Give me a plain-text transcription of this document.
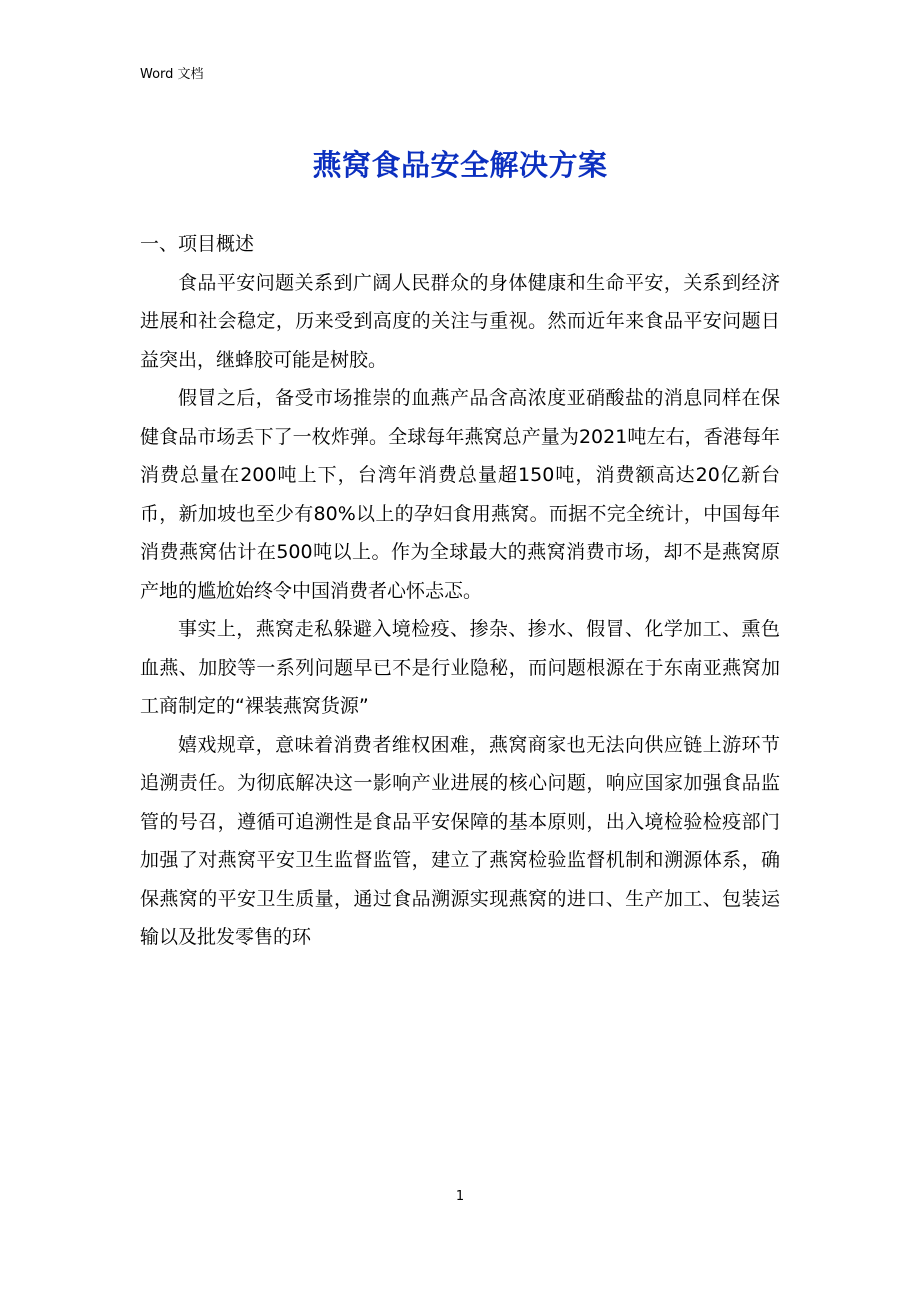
Word 文档
燕窝食品安全解决方案
一、项目概述

食品平安问题关系到广阔人民群众的身体健康和生命平安，关系到经济进展和社会稳定，历来受到高度的关注与重视。然而近年来食品平安问题日益突出，继蜂胶可能是树胶。

假冒之后，备受市场推崇的血燕产品含高浓度亚硝酸盐的消息同样在保健食品市场丢下了一枚炸弹。全球每年燕窝总产量为2021吨左右，香港每年消费总量在200吨上下，台湾年消费总量超150吨，消费额高达20亿新台币，新加坡也至少有80%以上的孕妇食用燕窝。而据不完全统计，中国每年消费燕窝估计在500吨以上。作为全球最大的燕窝消费市场，却不是燕窝原产地的尴尬始终令中国消费者心怀忐忑。

事实上，燕窝走私躲避入境检疫、掺杂、掺水、假冒、化学加工、熏色血燕、加胶等一系列问题早已不是行业隐秘，而问题根源在于东南亚燕窝加工商制定的“裸装燕窝货源”

嬉戏规章，意味着消费者维权困难，燕窝商家也无法向供应链上游环节追溯责任。为彻底解决这一影响产业进展的核心问题，响应国家加强食品监管的号召，遵循可追溯性是食品平安保障的基本原则，出入境检验检疫部门加强了对燕窝平安卫生监督监管，建立了燕窝检验监督机制和溯源体系，确保燕窝的平安卫生质量，通过食品溯源实现燕窝的进口、生产加工、包装运输以及批发零售的环

1
